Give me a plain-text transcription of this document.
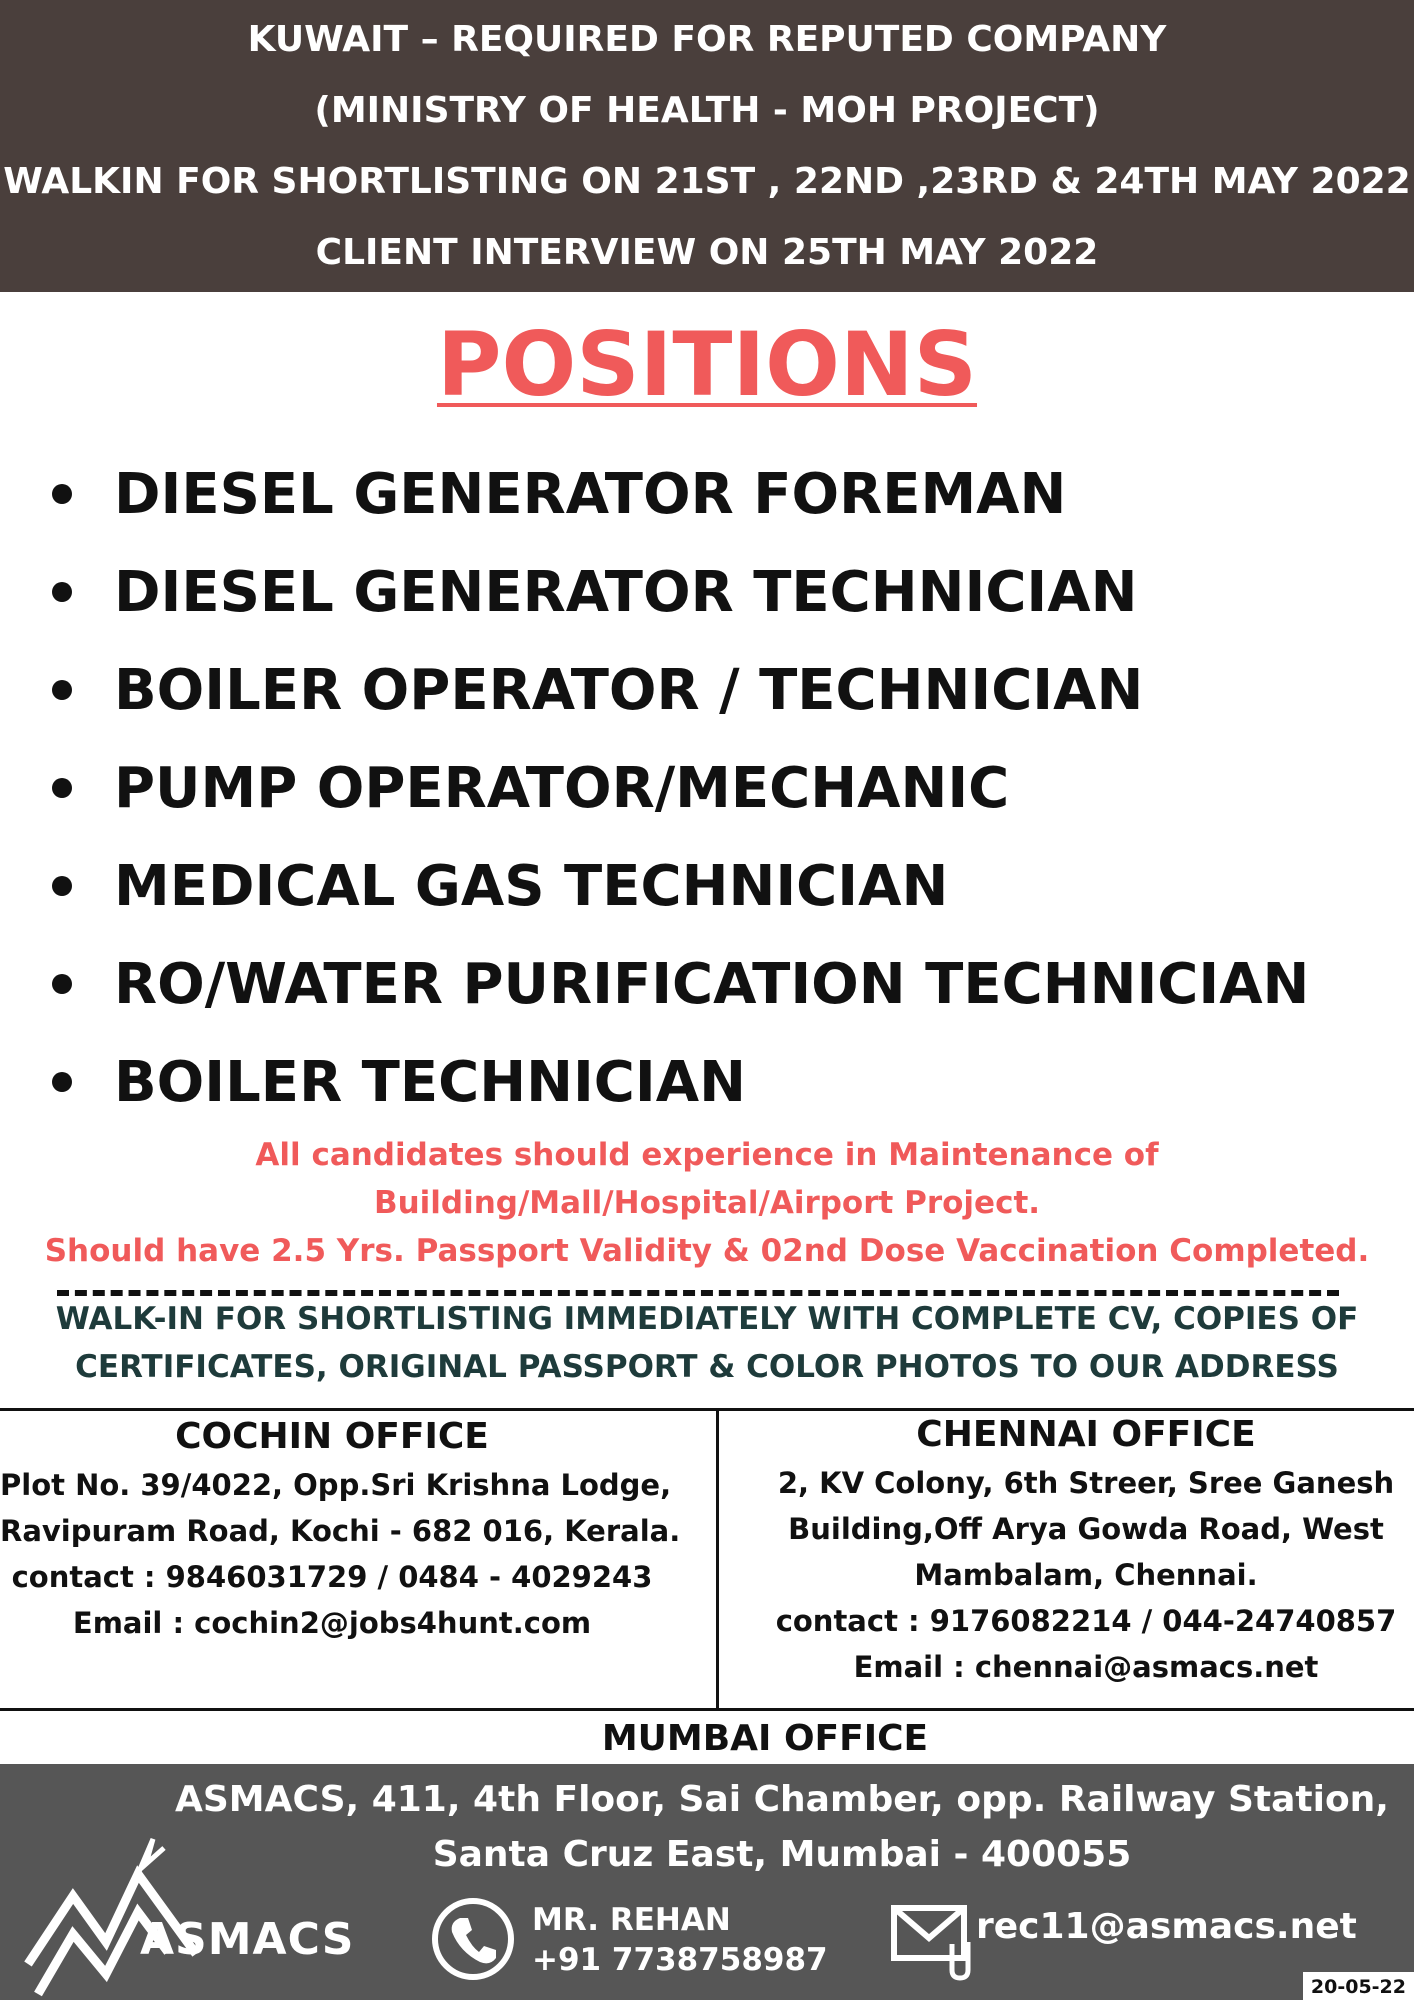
KUWAIT – REQUIRED FOR REPUTED COMPANY
(MINISTRY OF HEALTH - MOH PROJECT)
WALKIN FOR SHORTLISTING ON 21ST , 22ND ,23RD & 24TH MAY 2022
CLIENT INTERVIEW ON 25TH MAY 2022
POSITIONS
DIESEL GENERATOR FOREMAN
DIESEL GENERATOR TECHNICIAN
BOILER OPERATOR / TECHNICIAN
PUMP OPERATOR/MECHANIC
MEDICAL GAS TECHNICIAN
RO/WATER PURIFICATION TECHNICIAN
BOILER TECHNICIAN
All candidates should experience in Maintenance of
Building/Mall/Hospital/Airport Project.
Should have 2.5 Yrs. Passport Validity & 02nd Dose Vaccination Completed.
WALK-IN FOR SHORTLISTING IMMEDIATELY WITH COMPLETE CV, COPIES OF
CERTIFICATES, ORIGINAL PASSPORT & COLOR PHOTOS TO OUR ADDRESS
COCHIN OFFICE
Plot No. 39/4022, Opp.Sri Krishna Lodge,
Ravipuram Road, Kochi - 682 016, Kerala.
contact : 9846031729 / 0484 - 4029243
Email : cochin2@jobs4hunt.com
CHENNAI OFFICE
2, KV Colony, 6th Streer, Sree Ganesh
Building,Off Arya Gowda Road, West
Mambalam, Chennai.
contact : 9176082214 / 044-24740857
Email : chennai@asmacs.net
MUMBAI OFFICE
ASMACS, 411, 4th Floor, Sai Chamber, opp. Railway Station,
Santa Cruz East, Mumbai - 400055
ASMACS	MR. REHAN
+91 7738758987
rec11@asmacs.net
20-05-22
